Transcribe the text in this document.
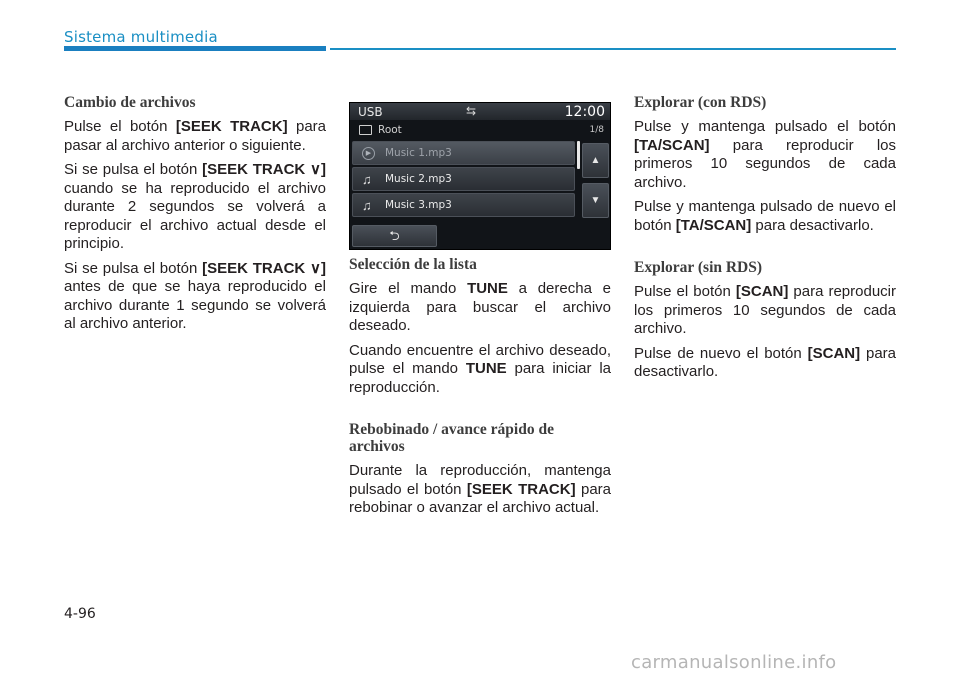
Sistema multimedia
Cambio de archivos

Pulse el botón [SEEK TRACK] para pasar al archivo anterior o siguiente.

Si se pulsa el botón [SEEK TRACK ∨] cuando se ha reproducido el archivo durante 2 segundos se volverá a reproducir el archivo actual desde el principio.

Si se pulsa el botón [SEEK TRACK ∨] antes de que se haya reproducido el archivo durante 1 segundo se volverá al archivo anterior.

USB	⇆	12:00
Root	1/8
▶	Music 1.mp3
♫ Music 2.mp3
♫ Music 3.mp3
▲
▼
⮌
Selección de la lista

Gire el mando TUNE a derecha e izquierda para buscar el archivo deseado.

Cuando encuentre el archivo deseado, pulse el mando TUNE para iniciar la reproducción.

Rebobinado / avance rápido de archivos

Durante la reproducción, mantenga pulsado el botón [SEEK TRACK] para rebobinar o avanzar el archivo actual.

Explorar (con RDS)

Pulse y mantenga pulsado el botón [TA/SCAN] para reproducir los primeros 10 segundos de cada archivo.

Pulse y mantenga pulsado de nuevo el botón [TA/SCAN] para desactivarlo.

Explorar (sin RDS)

Pulse el botón [SCAN] para reproducir los primeros 10 segundos de cada archivo.

Pulse de nuevo el botón [SCAN] para desactivarlo.

4-96
carmanualsonline.info
